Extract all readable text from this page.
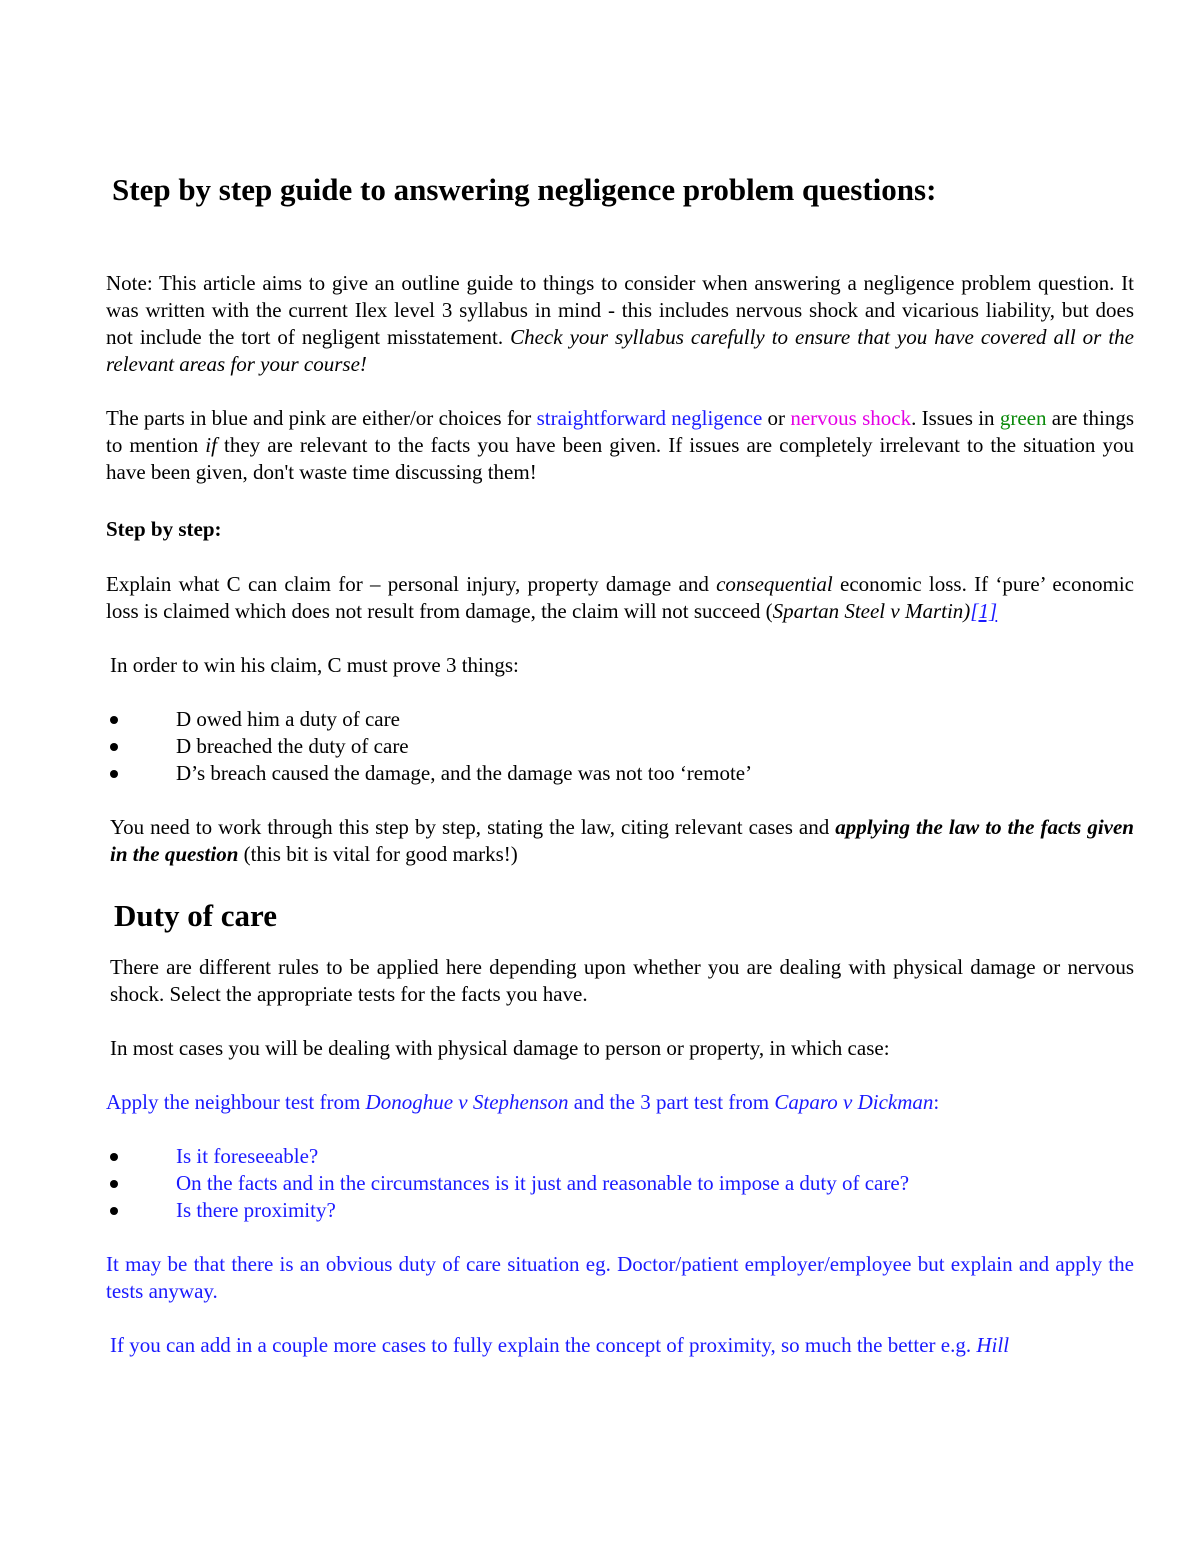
Step by step guide to answering negligence problem questions:

Note: This article aims to give an outline guide to things to consider when answering a negligence problem question. It was written with the current Ilex level 3 syllabus in mind - this includes nervous shock and vicarious liability, but does not include the tort of negligent misstatement. Check your syllabus carefully to ensure that you have covered all or the relevant areas for your course!

The parts in blue and pink are either/or choices for straightforward negligence or nervous shock. Issues in green are things to mention if they are relevant to the facts you have been given. If issues are completely irrelevant to the situation you have been given, don't waste time discussing them!

Step by step:

Explain what C can claim for – personal injury, property damage and consequential economic loss. If ‘pure’ economic loss is claimed which does not result from damage, the claim will not succeed (Spartan Steel v Martin)[1]

In order to win his claim, C must prove 3 things:

D owed him a duty of care
D breached the duty of care
D’s breach caused the damage, and the damage was not too ‘remote’

You need to work through this step by step, stating the law, citing relevant cases and applying the law to the facts given in the question (this bit is vital for good marks!)

Duty of care

There are different rules to be applied here depending upon whether you are dealing with physical damage or nervous shock. Select the appropriate tests for the facts you have.

In most cases you will be dealing with physical damage to person or property, in which case:

Apply the neighbour test from Donoghue v Stephenson and the 3 part test from Caparo v Dickman:

Is it foreseeable?
On the facts and in the circumstances is it just and reasonable to impose a duty of care?
Is there proximity?

It may be that there is an obvious duty of care situation eg. Doctor/patient employer/employee but explain and apply the tests anyway.

If you can add in a couple more cases to fully explain the concept of proximity, so much the better e.g. Hill
